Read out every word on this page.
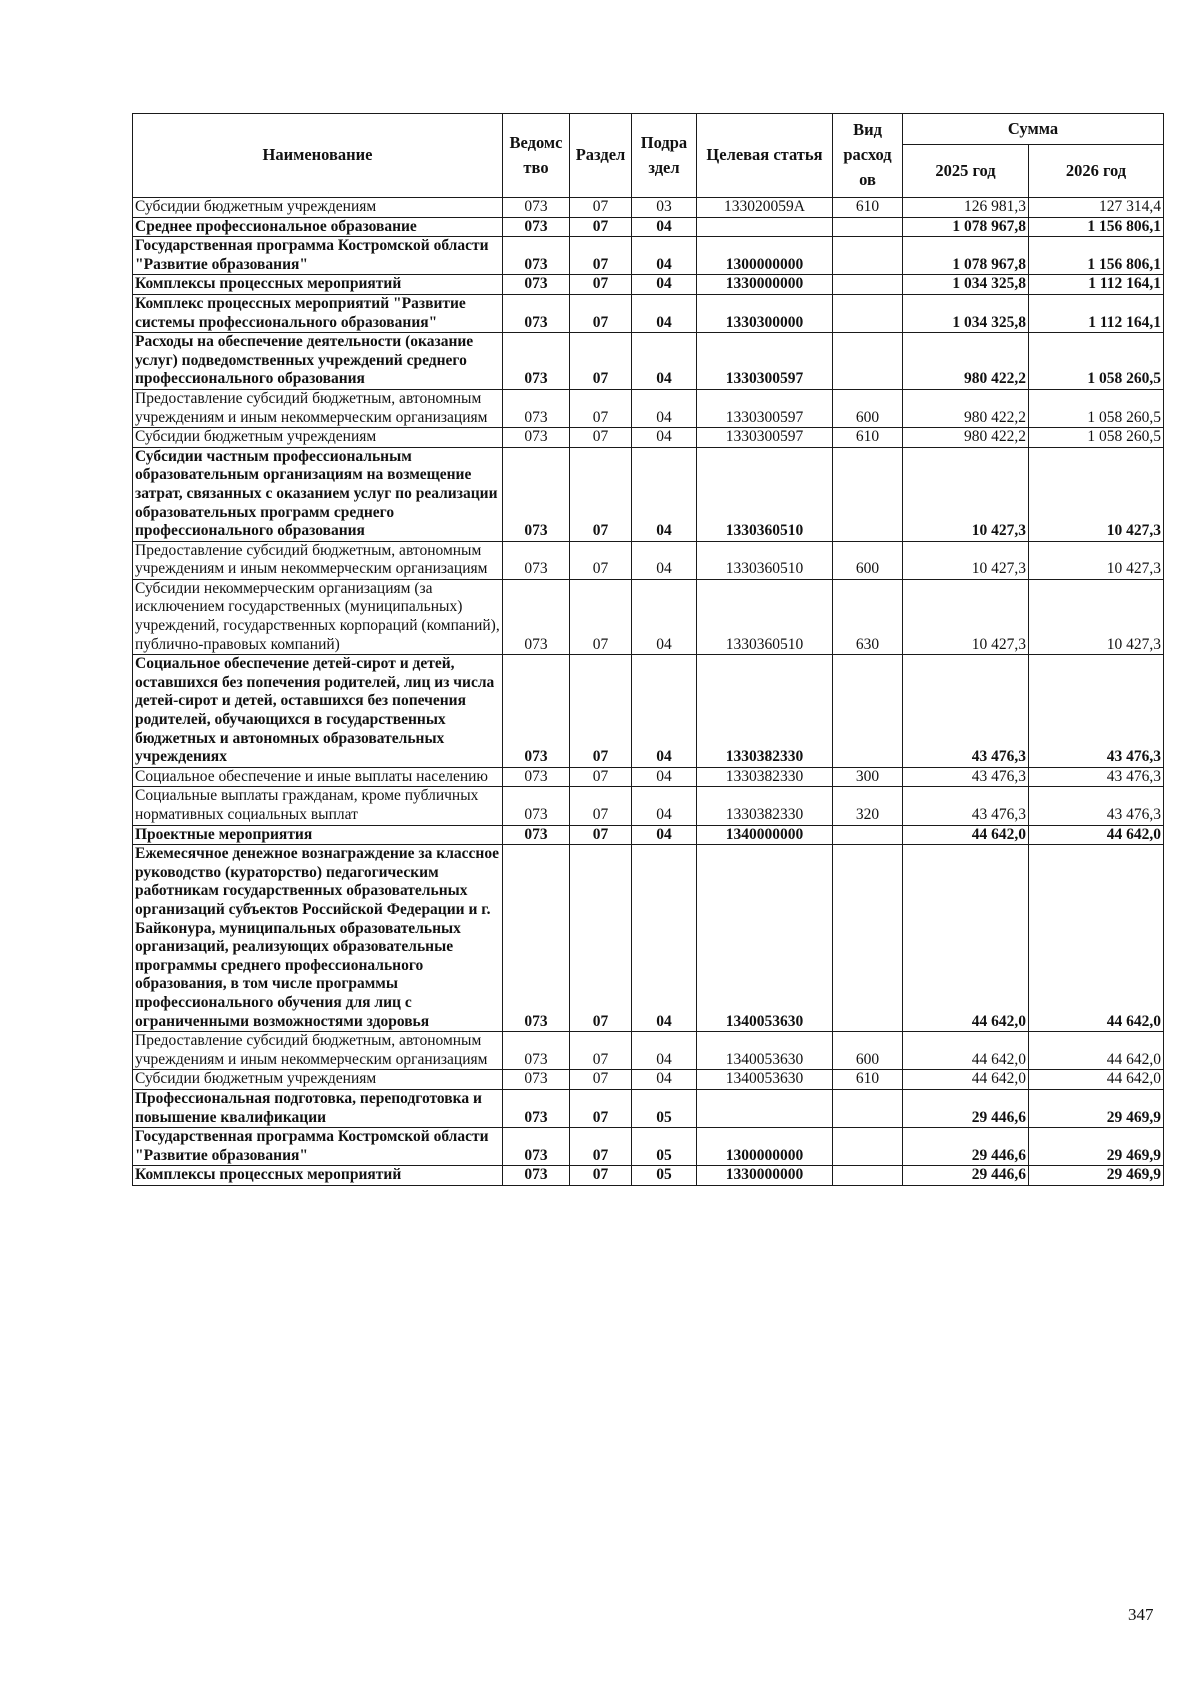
Наименование	Ведомс тво	Раздел	Подра здел	Целевая статья	Вид расход ов	Сумма	
						2025 год	2026 год
Субсидии бюджетным учреждениям	073	07	03	133020059А	610	126 981,3	127 314,4
Среднее профессиональное образование	073	07	04			1 078 967,8	1 156 806,1
Государственная программа Костромской области "Развитие образования"	073	07	04	1300000000		1 078 967,8	1 156 806,1
Комплексы процессных мероприятий	073	07	04	1330000000		1 034 325,8	1 112 164,1
Комплекс процессных мероприятий "Развитие системы профессионального образования"	073	07	04	1330300000		1 034 325,8	1 112 164,1
Расходы на обеспечение деятельности (оказание услуг) подведомственных учреждений среднего профессионального образования	073	07	04	1330300597		980 422,2	1 058 260,5
Предоставление субсидий бюджетным, автономным учреждениям и иным некоммерческим организациям	073	07	04	1330300597	600	980 422,2	1 058 260,5
Субсидии бюджетным учреждениям	073	07	04	1330300597	610	980 422,2	1 058 260,5
Субсидии частным профессиональным образовательным организациям на возмещение затрат, связанных с оказанием услуг по реализации образовательных программ среднего профессионального образования	073	07	04	1330360510		10 427,3	10 427,3
Предоставление субсидий бюджетным, автономным учреждениям и иным некоммерческим организациям	073	07	04	1330360510	600	10 427,3	10 427,3
Субсидии некоммерческим организациям (за исключением государственных (муниципальных) учреждений, государственных корпораций (компаний), публично-правовых компаний)	073	07	04	1330360510	630	10 427,3	10 427,3
Социальное обеспечение детей-сирот и детей, оставшихся без попечения родителей, лиц из числа детей-сирот и детей, оставшихся без попечения родителей, обучающихся в государственных бюджетных и автономных образовательных учреждениях	073	07	04	1330382330		43 476,3	43 476,3
Социальное обеспечение и иные выплаты населению	073	07	04	1330382330	300	43 476,3	43 476,3
Социальные выплаты гражданам, кроме публичных нормативных социальных выплат	073	07	04	1330382330	320	43 476,3	43 476,3
Проектные мероприятия	073	07	04	1340000000		44 642,0	44 642,0
Ежемесячное денежное вознаграждение за классное руководство (кураторство) педагогическим работникам государственных образовательных организаций субъектов Российской Федерации и г. Байконура, муниципальных образовательных организаций, реализующих образовательные программы среднего профессионального образования, в том числе программы профессионального обучения для лиц с ограниченными возможностями здоровья	073	07	04	1340053630		44 642,0	44 642,0
Предоставление субсидий бюджетным, автономным учреждениям и иным некоммерческим организациям	073	07	04	1340053630	600	44 642,0	44 642,0
Субсидии бюджетным учреждениям	073	07	04	1340053630	610	44 642,0	44 642,0
Профессиональная подготовка, переподготовка и повышение квалификации	073	07	05			29 446,6	29 469,9
Государственная программа Костромской области "Развитие образования"	073	07	05	1300000000		29 446,6	29 469,9
Комплексы процессных мероприятий	073	07	05	1330000000		29 446,6	29 469,9
347
